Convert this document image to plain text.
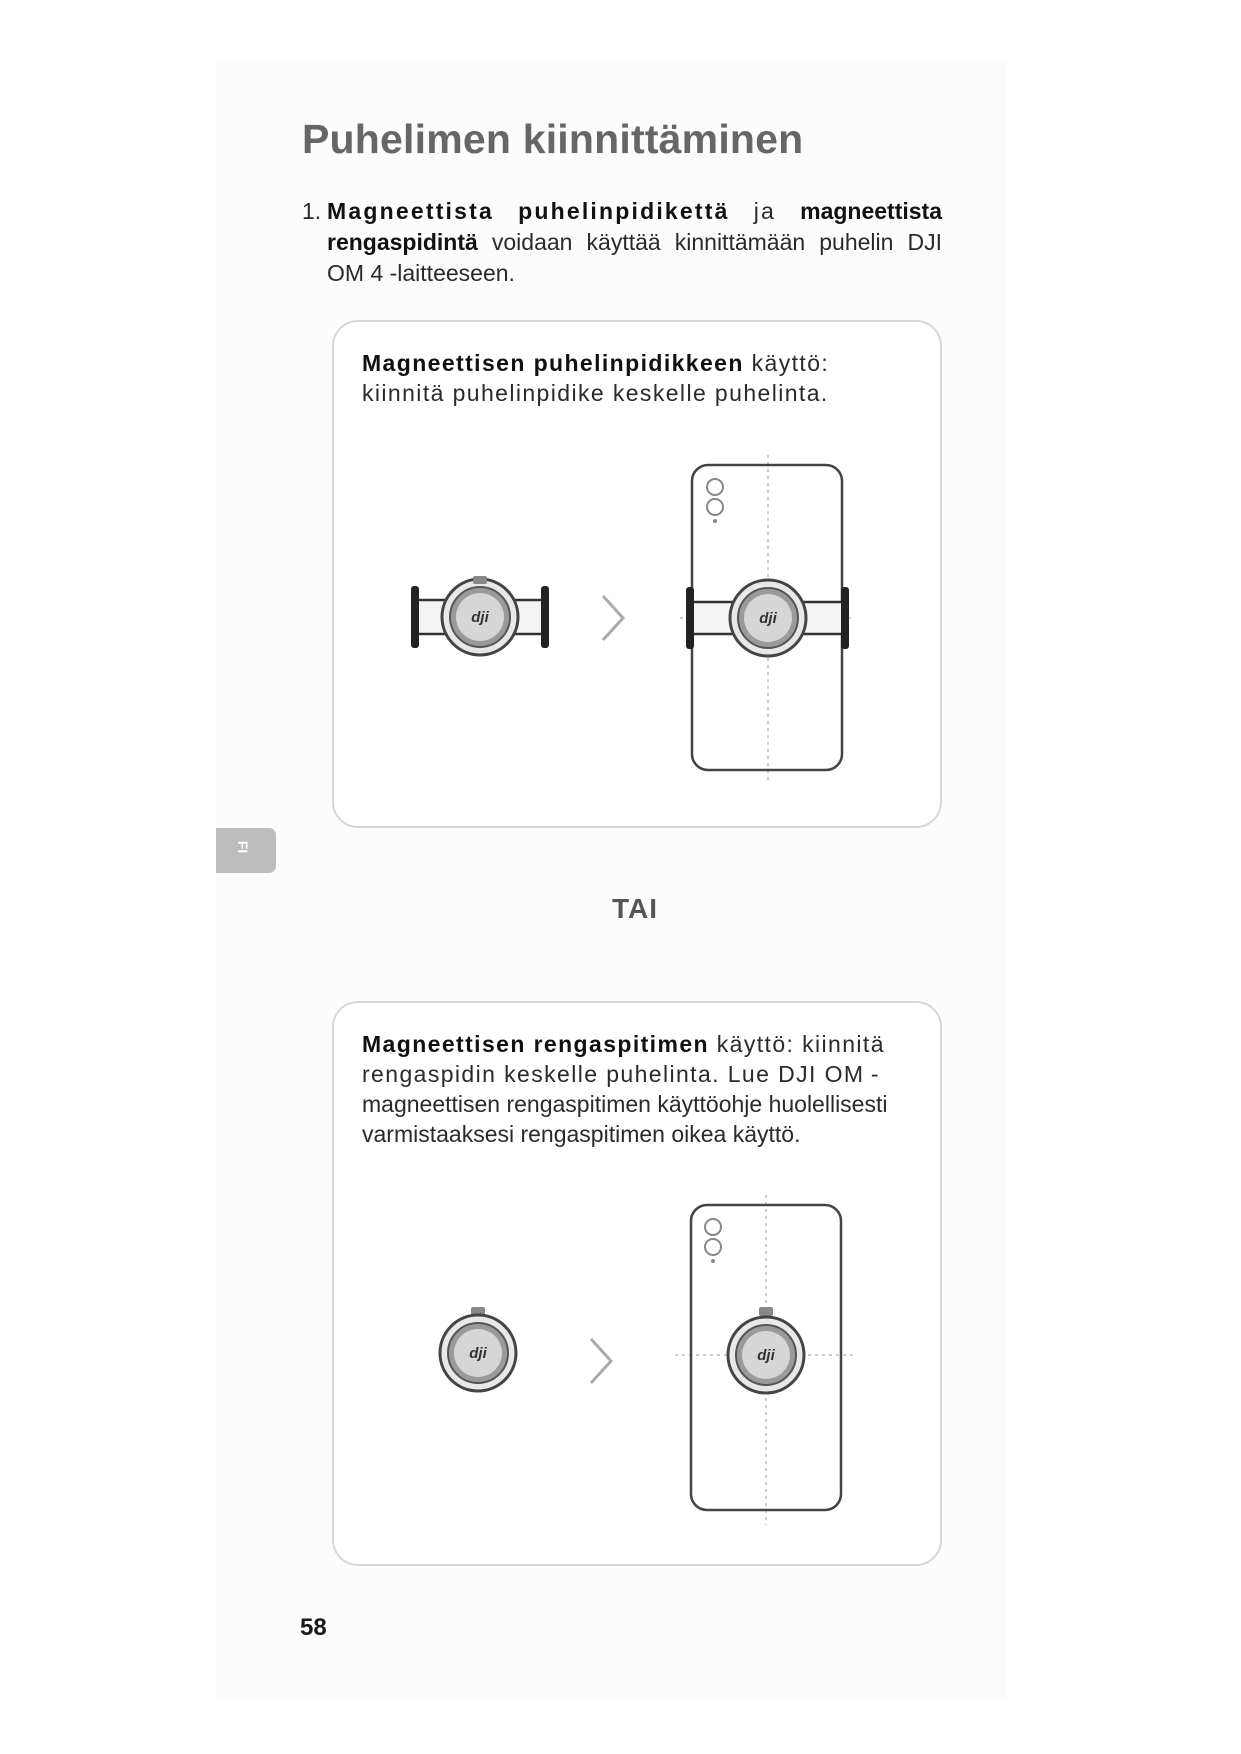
Puhelimen kiinnittäminen
1. Magneettista puhelinpidikettä ja magneettista rengaspidintä voidaan käyttää kinnittämään puhelin DJI OM 4 -laitteeseen.

Magneettisen puhelinpidikkeen käyttö: kiinnitä puhelinpidike keskelle puhelinta.

dji	dji
FI
TAI

Magneettisen rengaspitimen käyttö: kiinnitä rengaspidin keskelle puhelinta. Lue DJI OM -magneettisen rengaspitimen käyttöohje huolellisesti varmistaaksesi rengaspitimen oikea käyttö.

dji	dji
58
